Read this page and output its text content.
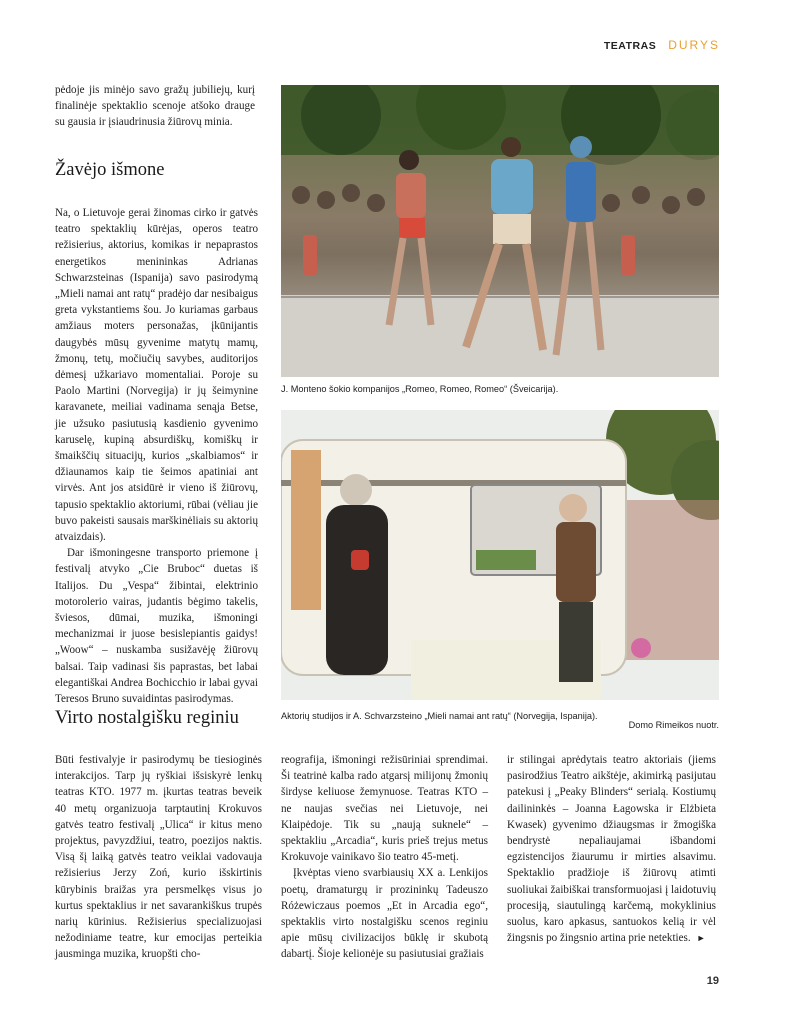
TEATRAS DURYS

pėdoje jis minėjo savo gražų jubiliejų, kurį finalinėje spektaklio scenoje atšoko drauge su gausia ir įsiaudrinusia žiūrovų minia.

Žavėjo išmone

Na, o Lietuvoje gerai žinomas cirko ir gatvės teatro spektaklių kūrėjas, operos teatro režisierius, aktorius, komikas ir nepaprastos energetikos menininkas Adrianas Schwarzsteinas (Ispanija) savo pasirodymą „Mieli namai ant ratų“ pradėjo dar nesibaigus greta vykstantiems šou. Jo kuriamas garbaus amžiaus moters personažas, įkūnijantis daugybės mūsų gyvenime matytų mamų, žmonų, tetų, močiučių savybes, auditorijos dėmesį užkariavo momentaliai. Poroje su Paolo Martini (Norvegija) ir jų šeimynine karavanete, meiliai vadinama senąja Betse, jie užsuko pasiutusią kasdienio gyvenimo karuselę, kupiną absurdiškų, komiškų ir šmaikščių situacijų, kurios „skalbiamos“ ir džiaunamos kaip tie šeimos apatiniai ant virvės. Ant jos atsidūrė ir vieno iš žiūrovų, tapusio spektaklio aktoriumi, rūbai (vėliau jie buvo pakeisti sausais marškinėliais su aktorių atvaizdais).

Dar išmoningesne transporto priemone į festivalį atvyko „Cie Bruboc“ duetas iš Italijos. Du „Vespa“ žibintai, elektrinio motorolerio vairas, judantis bėgimo takelis, šviesos, dūmai, muzika, išmoningi mechanizmai ir juose besislepiantis gaidys! „Woow“ – nuskamba susižavėję žiūrovų balsai. Taip vadinasi šis paprastas, bet labai elegantiškai Andrea Bochicchio ir labai gyvai Teresos Bruno suvaidintas pasirodymas.

J. Monteno šokio kompanijos „Romeo, Romeo, Romeo“ (Šveicarija).
Aktorių studijos ir A. Schvarzsteino „Mieli namai ant ratų“ (Norvegija, Ispanija).
Domo Rimeikos nuotr.
Virto nostalgišku reginiu

Būti festivalyje ir pasirodymų be tiesioginės interakcijos. Tarp jų ryškiai išsiskyrė lenkų teatras KTO. 1977 m. įkurtas teatras beveik 40 metų organizuoja tarptautinį Krokuvos gatvės teatro festivalį „Ulica“ ir kitus meno projektus, pavyzdžiui, teatro, poezijos naktis. Visą šį laiką gatvės teatro veiklai vadovauja režisierius Jerzy Zoń, kurio išskirtinis kūrybinis braižas yra persmelkęs visus jo kurtus spektaklius ir net savarankiškus trupės narių kūrinius. Režisierius specializuojasi nežodiniame teatre, kur emocijas perteikia jausminga muzika, kruopšti cho-

reografija, išmoningi režisūriniai sprendimai. Ši teatrinė kalba rado atgarsį milijonų žmonių širdyse keliuose žemynuose. Teatras KTO – ne naujas svečias nei Lietuvoje, nei Klaipėdoje. Tik su „naują suknele“ – spektakliu „Arcadia“, kuris prieš trejus metus Krokuvoje vainikavo šio teatro 45-metį.

Įkvėptas vieno svarbiausių XX a. Lenkijos poetų, dramaturgų ir prozininkų Tadeuszo Różewiczaus poemos „Et in Arcadia ego“, spektaklis virto nostalgišku scenos reginiu apie mūsų civilizacijos būklę ir skubotą dabartį. Šioje kelionėje su pasiutusiai gražiais

ir stilingai aprėdytais teatro aktoriais (jiems pasirodžius Teatro aikštėje, akimirką pasijutau patekusi į „Peaky Blinders“ serialą. Kostiumų dailininkės – Joanna Łagowska ir Elżbieta Kwasek) gyvenimo džiaugsmas ir žmogiška bendrystė nepaliaujamai išbandomi egzistencijos žiaurumu ir mirties alsavimu. Spektaklio pradžioje iš žiūrovų atimti suoliukai žaibiškai transformuojasi į laidotuvių procesiją, siautulingą karčemą, mokyklinius suolus, karo apkasus, santuokos kelią ir vėl žingsnis po žingsnio artina prie netekties. ►

19
